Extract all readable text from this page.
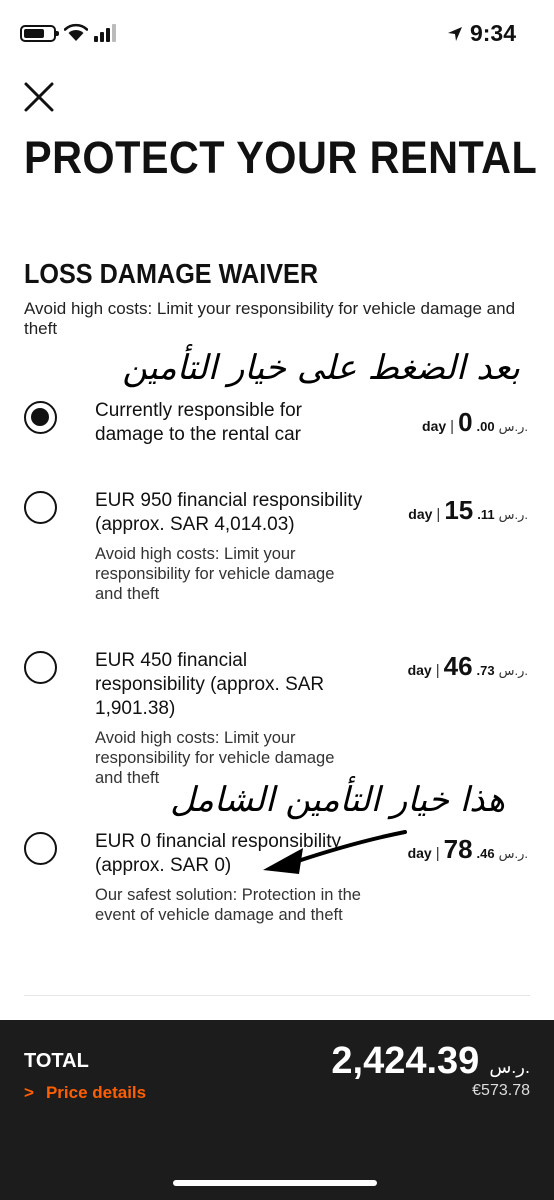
9:34
PROTECT YOUR RENTAL
LOSS DAMAGE WAIVER
Avoid high costs: Limit your responsibility for vehicle damage and theft
بعد الضغط على خيار التأمين
Currently responsible for damage to the rental car	day | 0 .00 ر.س.
EUR 950 financial responsibility (approx. SAR 4,014.03)
Avoid high costs: Limit your responsibility for vehicle damage and theft
day | 15 .11 ر.س.
EUR 450 financial responsibility (approx. SAR 1,901.38)
Avoid high costs: Limit your responsibility for vehicle damage and theft
day | 46 .73 ر.س.
هذا خيار التأمين الشامل
EUR 0 financial responsibility (approx. SAR 0)
Our safest solution: Protection in the event of vehicle damage and theft
day | 78 .46 ر.س.
TOTAL
> Price details
2,424.39 ر.س.
€573.78
